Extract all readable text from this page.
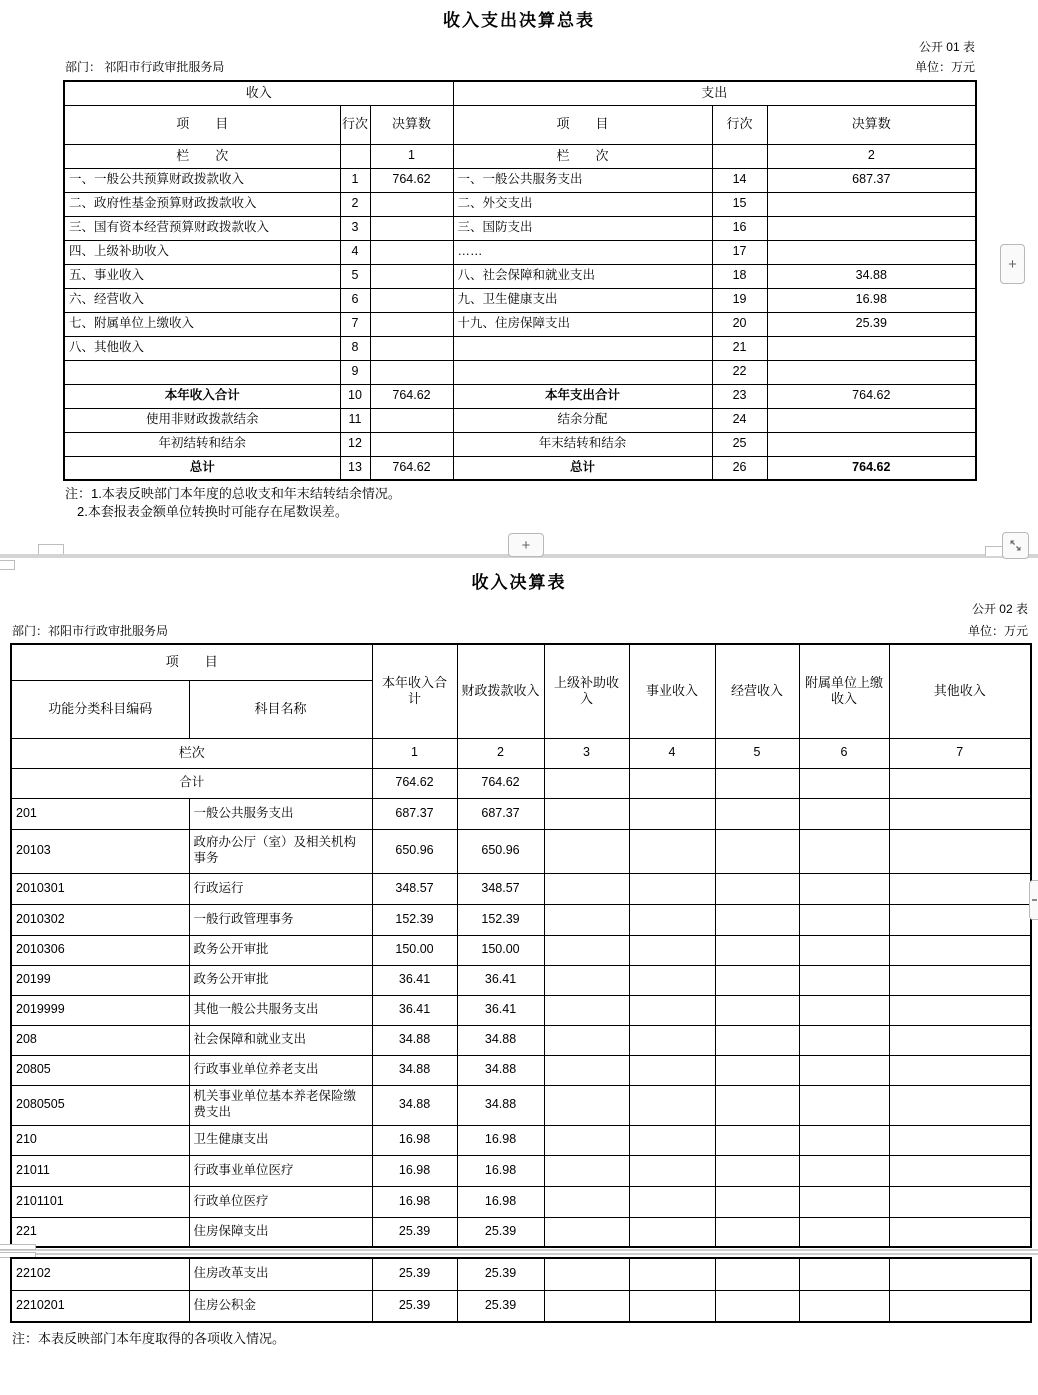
收入支出决算总表
公开 01 表
部门： 祁阳市行政审批服务局	单位：万元
收入			支出		
项　　目	行次	决算数	项　　目	行次	决算数
栏　　次		1	栏　　次		2
一、一般公共预算财政拨款收入	1	764.62	一、一般公共服务支出	14	687.37
二、政府性基金预算财政拨款收入	2		二、外交支出	15	
三、国有资本经营预算财政拨款收入	3		三、国防支出	16	
四、上级补助收入	4		……	17	
五、事业收入	5		八、社会保障和就业支出	18	34.88
六、经营收入	6		九、卫生健康支出	19	16.98
七、附属单位上缴收入	7		十九、住房保障支出	20	25.39
八、其他收入	8			21	
	9			22	
本年收入合计	10	764.62	本年支出合计	23	764.62
使用非财政拨款结余	11		结余分配	24	
年初结转和结余	12		年末结转和结余	25	
总计	13	764.62	总计	26	764.62
注：1.本表反映部门本年度的总收支和年末结转结余情况。
2.本套报表金额单位转换时可能存在尾数误差。
+
+
收入决算表
公开 02 表
部门：祁阳市行政审批服务局	单位：万元
项　　目		本年收入合计	财政拨款收入	上级补助收入	事业收入	经营收入	附属单位上缴收入	其他收入
功能分类科目编码	科目名称							
栏次		1	2	3	4	5	6	7
合计		764.62	764.62					
201	一般公共服务支出	687.37	687.37					
20103	政府办公厅（室）及相关机构事务	650.96	650.96					
2010301	行政运行	348.57	348.57					
2010302	一般行政管理事务	152.39	152.39					
2010306	政务公开审批	150.00	150.00					
20199	政务公开审批	36.41	36.41					
2019999	其他一般公共服务支出	36.41	36.41					
208	社会保障和就业支出	34.88	34.88					
20805	行政事业单位养老支出	34.88	34.88					
2080505	机关事业单位基本养老保险缴费支出	34.88	34.88					
210	卫生健康支出	16.98	16.98					
21011	行政事业单位医疗	16.98	16.98					
2101101	行政单位医疗	16.98	16.98					
221	住房保障支出	25.39	25.39					
22102	住房改革支出	25.39	25.39					
2210201	住房公积金	25.39	25.39					
注：本表反映部门本年度取得的各项收入情况。
